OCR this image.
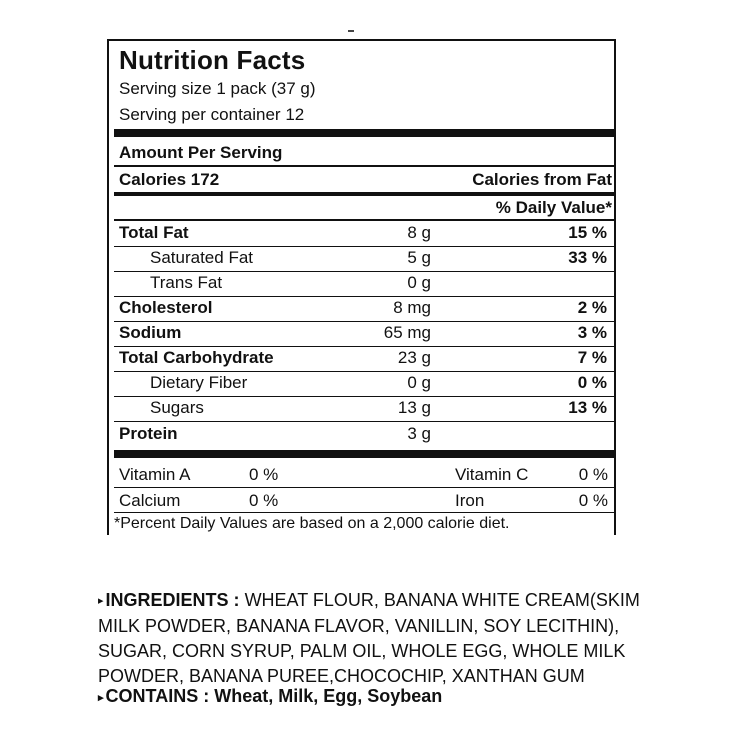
Nutrition Facts
Serving size 1 pack (37 g)
Serving per container 12
Amount Per Serving
Calories 172	Calories from Fat
% Daily Value*
Total Fat	8 g	15 %
Saturated Fat	5 g	33 %
Trans Fat	0 g
Cholesterol	8 mg	2 %
Sodium	65 mg	3 %
Total Carbohydrate	23 g	7 %
Dietary Fiber	0 g	0 %
Sugars	13 g	13 %
Protein	3 g
Vitamin A	0 %	Vitamin C	0 %
Calcium	0 %	Iron	0 %
*Percent Daily Values are based on a 2,000 calorie diet.
▸ INGREDIENTS : WHEAT FLOUR, BANANA WHITE CREAM(SKIM
MILK POWDER, BANANA FLAVOR, VANILLIN, SOY LECITHIN),
SUGAR, CORN SYRUP, PALM OIL, WHOLE EGG, WHOLE MILK
POWDER, BANANA PUREE,CHOCOCHIP, XANTHAN GUM
▸ CONTAINS : Wheat, Milk, Egg, Soybean
